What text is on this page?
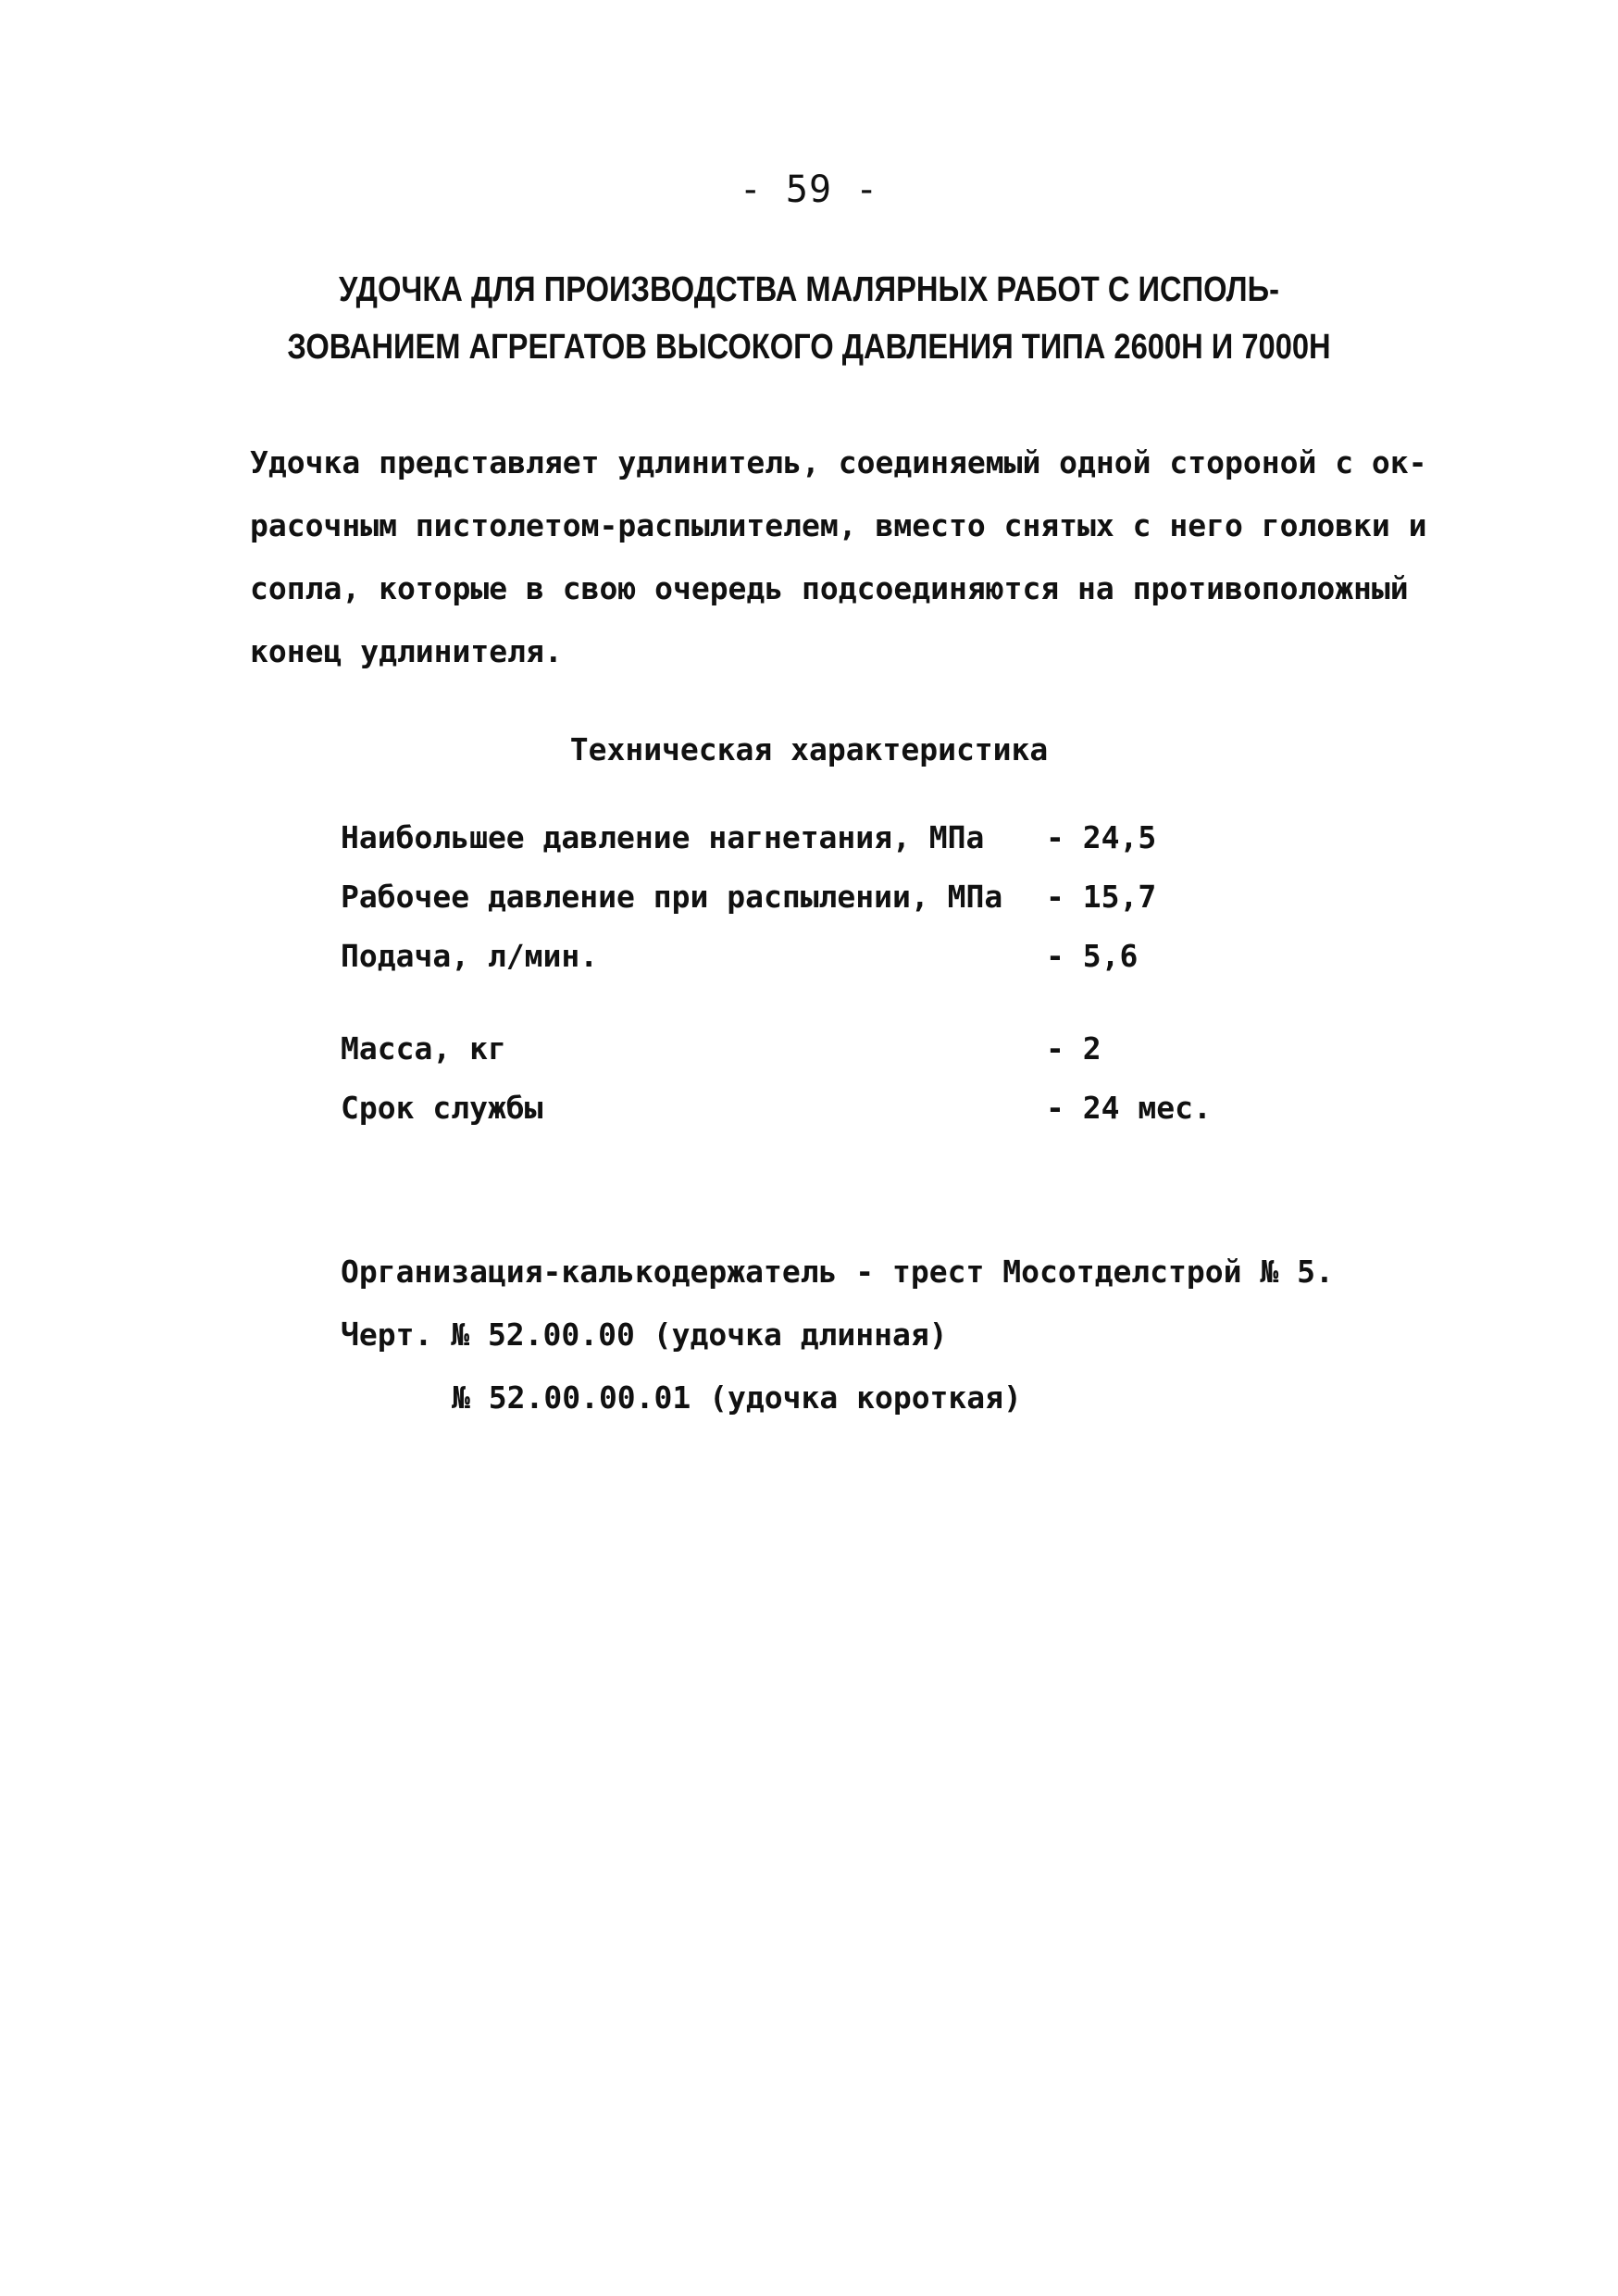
- 59 -
УДОЧКА ДЛЯ ПРОИЗВОДСТВА МАЛЯРНЫХ РАБОТ С ИСПОЛЬ-
ЗОВАНИЕМ АГРЕГАТОВ ВЫСОКОГО ДАВЛЕНИЯ ТИПА 2600Н И 7000Н
Удочка представляет удлинитель, соединяемый одной стороной с ок-
расочным пистолетом-распылителем, вместо снятых с него головки и
сопла, которые в свою очередь подсоединяются на противоположный
конец удлинителя.
Техническая характеристика
Наибольшее давление нагнетания, МПа - 24,5
Рабочее давление при распылении, МПа - 15,7
Подача, л/мин.	- 5,6
Масса, кг	- 2
Срок службы	- 24 мес.
Организация-калькодержатель - трест Мосотделстрой № 5.
Черт. № 52.00.00 (удочка длинная)
№ 52.00.00.01 (удочка короткая)
